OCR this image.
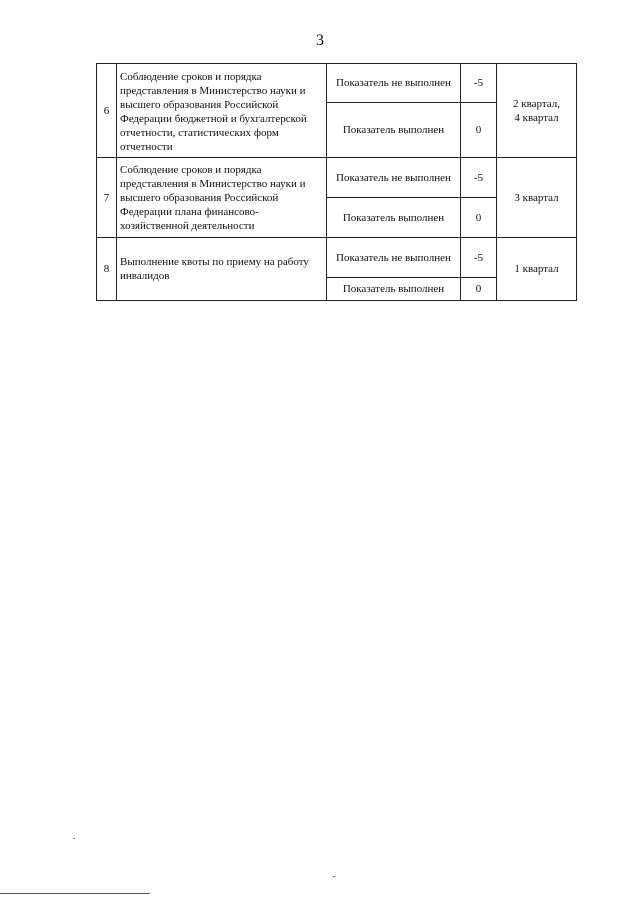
3
6	Соблюдение сроков и порядка представления в Министерство науки и высшего образования Российской Федерации бюджетной и бухгалтерской отчетности, статистических форм отчетности	Показатель не выполнен	-5	2 квартал,
4 квартал

		Показатель выполнен	0	
7	Соблюдение сроков и порядка представления в Министерство науки и высшего образования Российской Федерации плана финансово-хозяйственной деятельности	Показатель не выполнен	-5	3 квартал

		Показатель выполнен	0	
8	Выполнение квоты по приему на работу инвалидов	Показатель не выполнен	-5	1 квартал

		Показатель выполнен	0	
